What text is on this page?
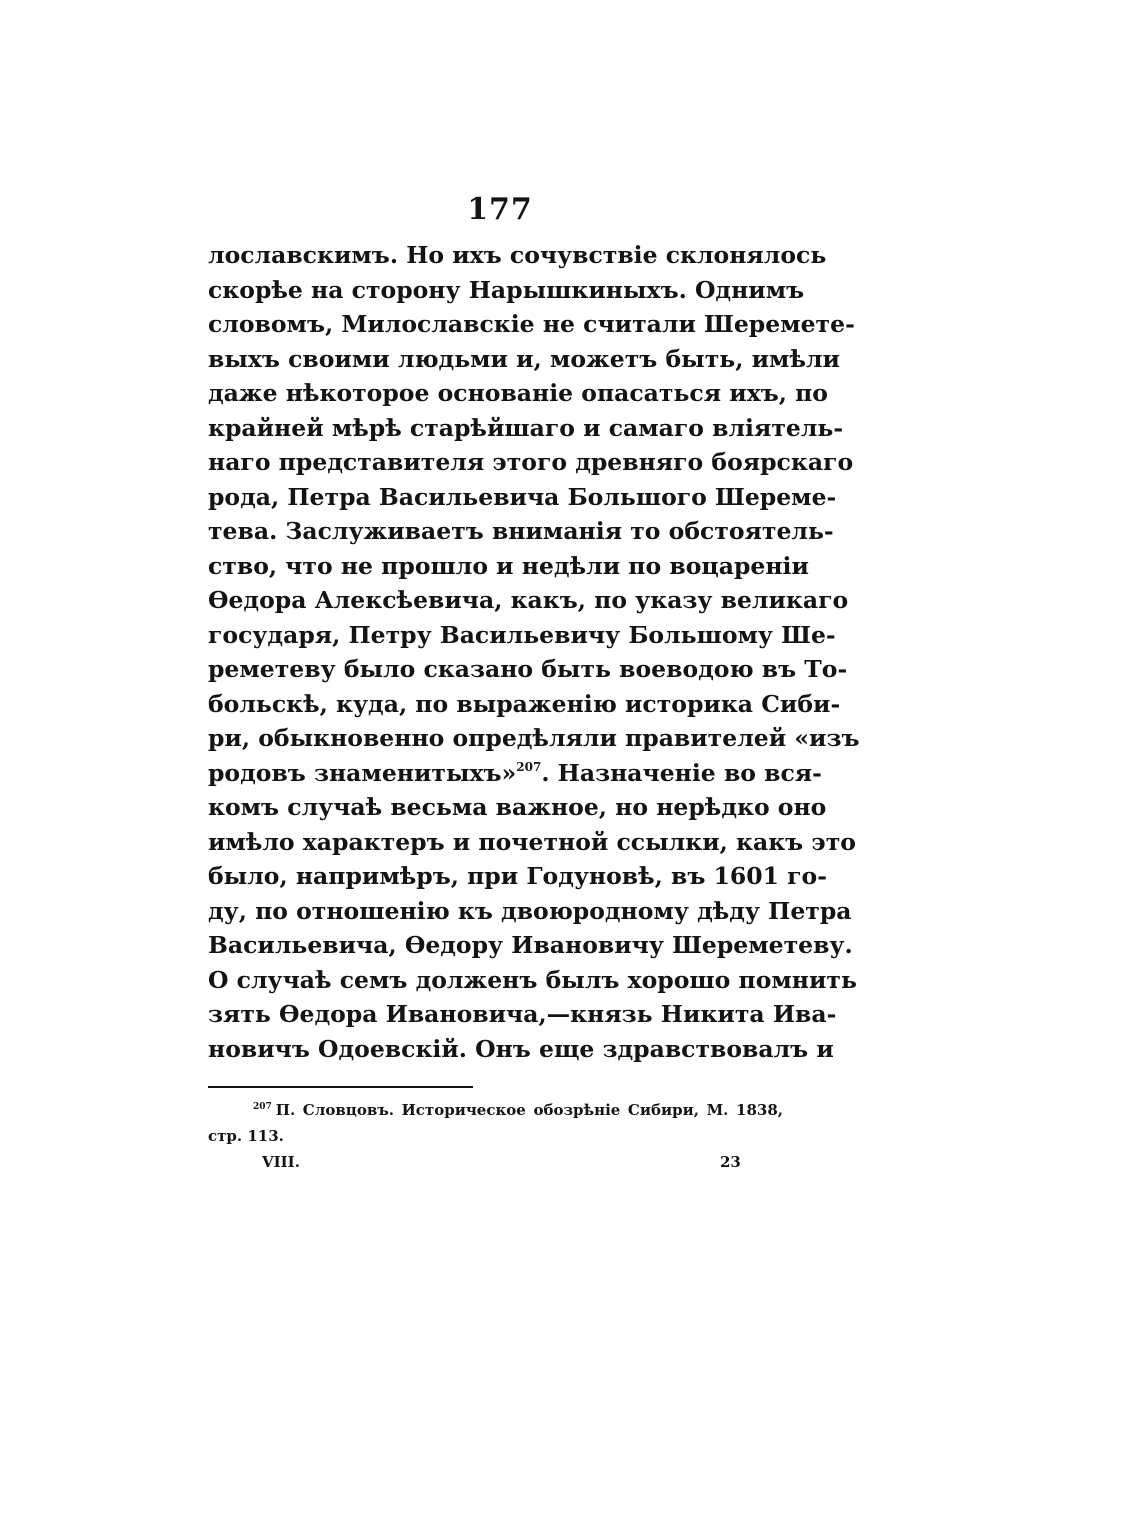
177
лославскимъ. Но ихъ сочувствіе склонялось
скорѣе на сторону Нарышкиныхъ. Однимъ
словомъ, Милославскіе не считали Шереметe-
выхъ своими людьми и, можетъ быть, имѣли
даже нѣкоторое основаніе опасаться ихъ, по
крайней мѣрѣ старѣйшаго и самаго вліятель-
наго представителя этого древняго боярскаго
рода, Петра Васильевича Большого Шереме-
тева. Заслуживаетъ вниманія то обстоятель-
ство, что не прошло и недѣли по воцареніи
Өедора Алексѣевича, какъ, по указу великаго
государя, Петру Васильевичу Большому Ше-
реметеву было сказано быть воеводою въ То-
больскѣ, куда, по выраженію историка Сиби-
ри, обыкновенно опредѣляли правителей «изъ
родовъ знаменитыхъ»$^{207}$. Назначеніе во вся-
комъ случаѣ весьма важное, но нерѣдко оно
имѣло характеръ и почетной ссылки, какъ это
было, напримѣръ, при Годуновѣ, въ 1601 го-
ду, по отношенію къ двоюродному дѣду Петра
Васильевича, Өедору Ивановичу Шереметеву.
О случаѣ семъ долженъ былъ хорошо помнить
зять Өедора Ивановича,—князь Никита Ива-
новичъ Одоевскій. Онъ еще здравствовалъ и
$^{207}$ П. Словцовъ. Историческое обозрѣніе Сибири, М. 1838,
стр. 113.
VIII.	23
